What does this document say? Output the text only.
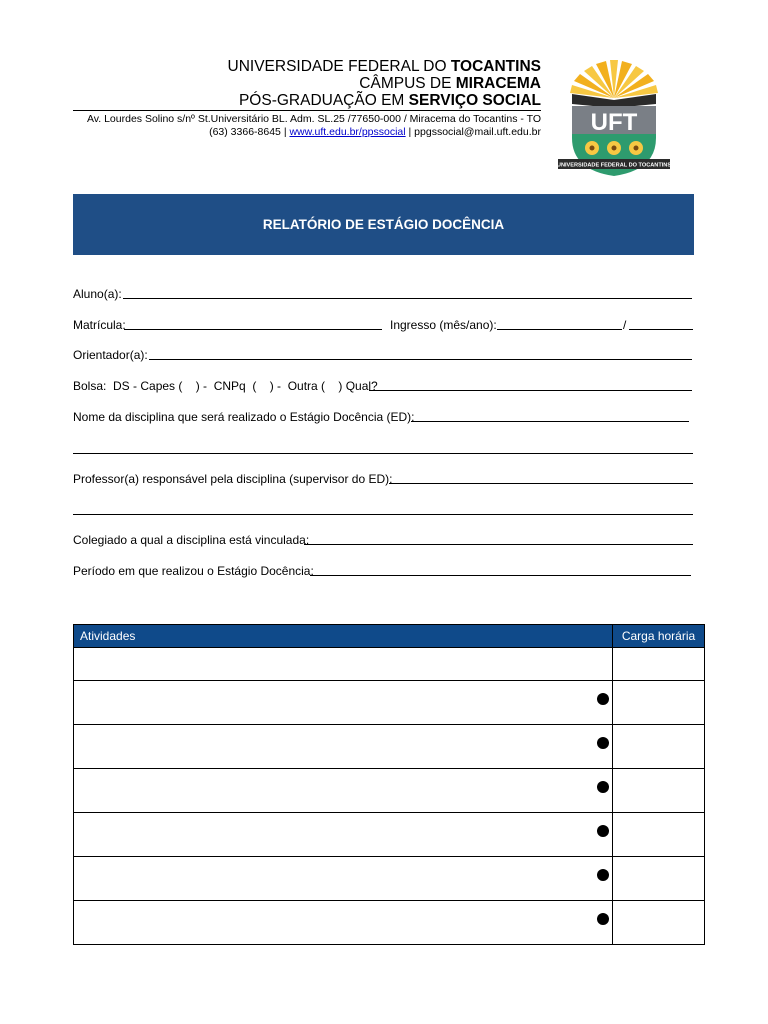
UNIVERSIDADE FEDERAL DO TOCANTINS
CÂMPUS DE MIRACEMA
PÓS-GRADUAÇÃO EM SERVIÇO SOCIAL
Av. Lourdes Solino s/nº St.Universitário BL. Adm. SL.25 /77650-000 / Miracema do Tocantins - TO
(63) 3366-8645 | www.uft.edu.br/ppssocial | ppgssocial@mail.uft.edu.br UFT
UNIVERSIDADE FEDERAL DO TOCANTINS
RELATÓRIO DE ESTÁGIO DOCÊNCIA
Aluno(a):
Matrícula:	Ingresso (mês/ano):	/
Orientador(a):
Bolsa:  DS - Capes (    ) -  CNPq  (    ) -  Outra (    ) Qual?
Nome da disciplina que será realizado o Estágio Docência (ED):
Professor(a) responsável pela disciplina (supervisor do ED):
Colegiado a qual a disciplina está vinculada:
Período em que realizou o Estágio Docência:
Atividades	Carga horária
